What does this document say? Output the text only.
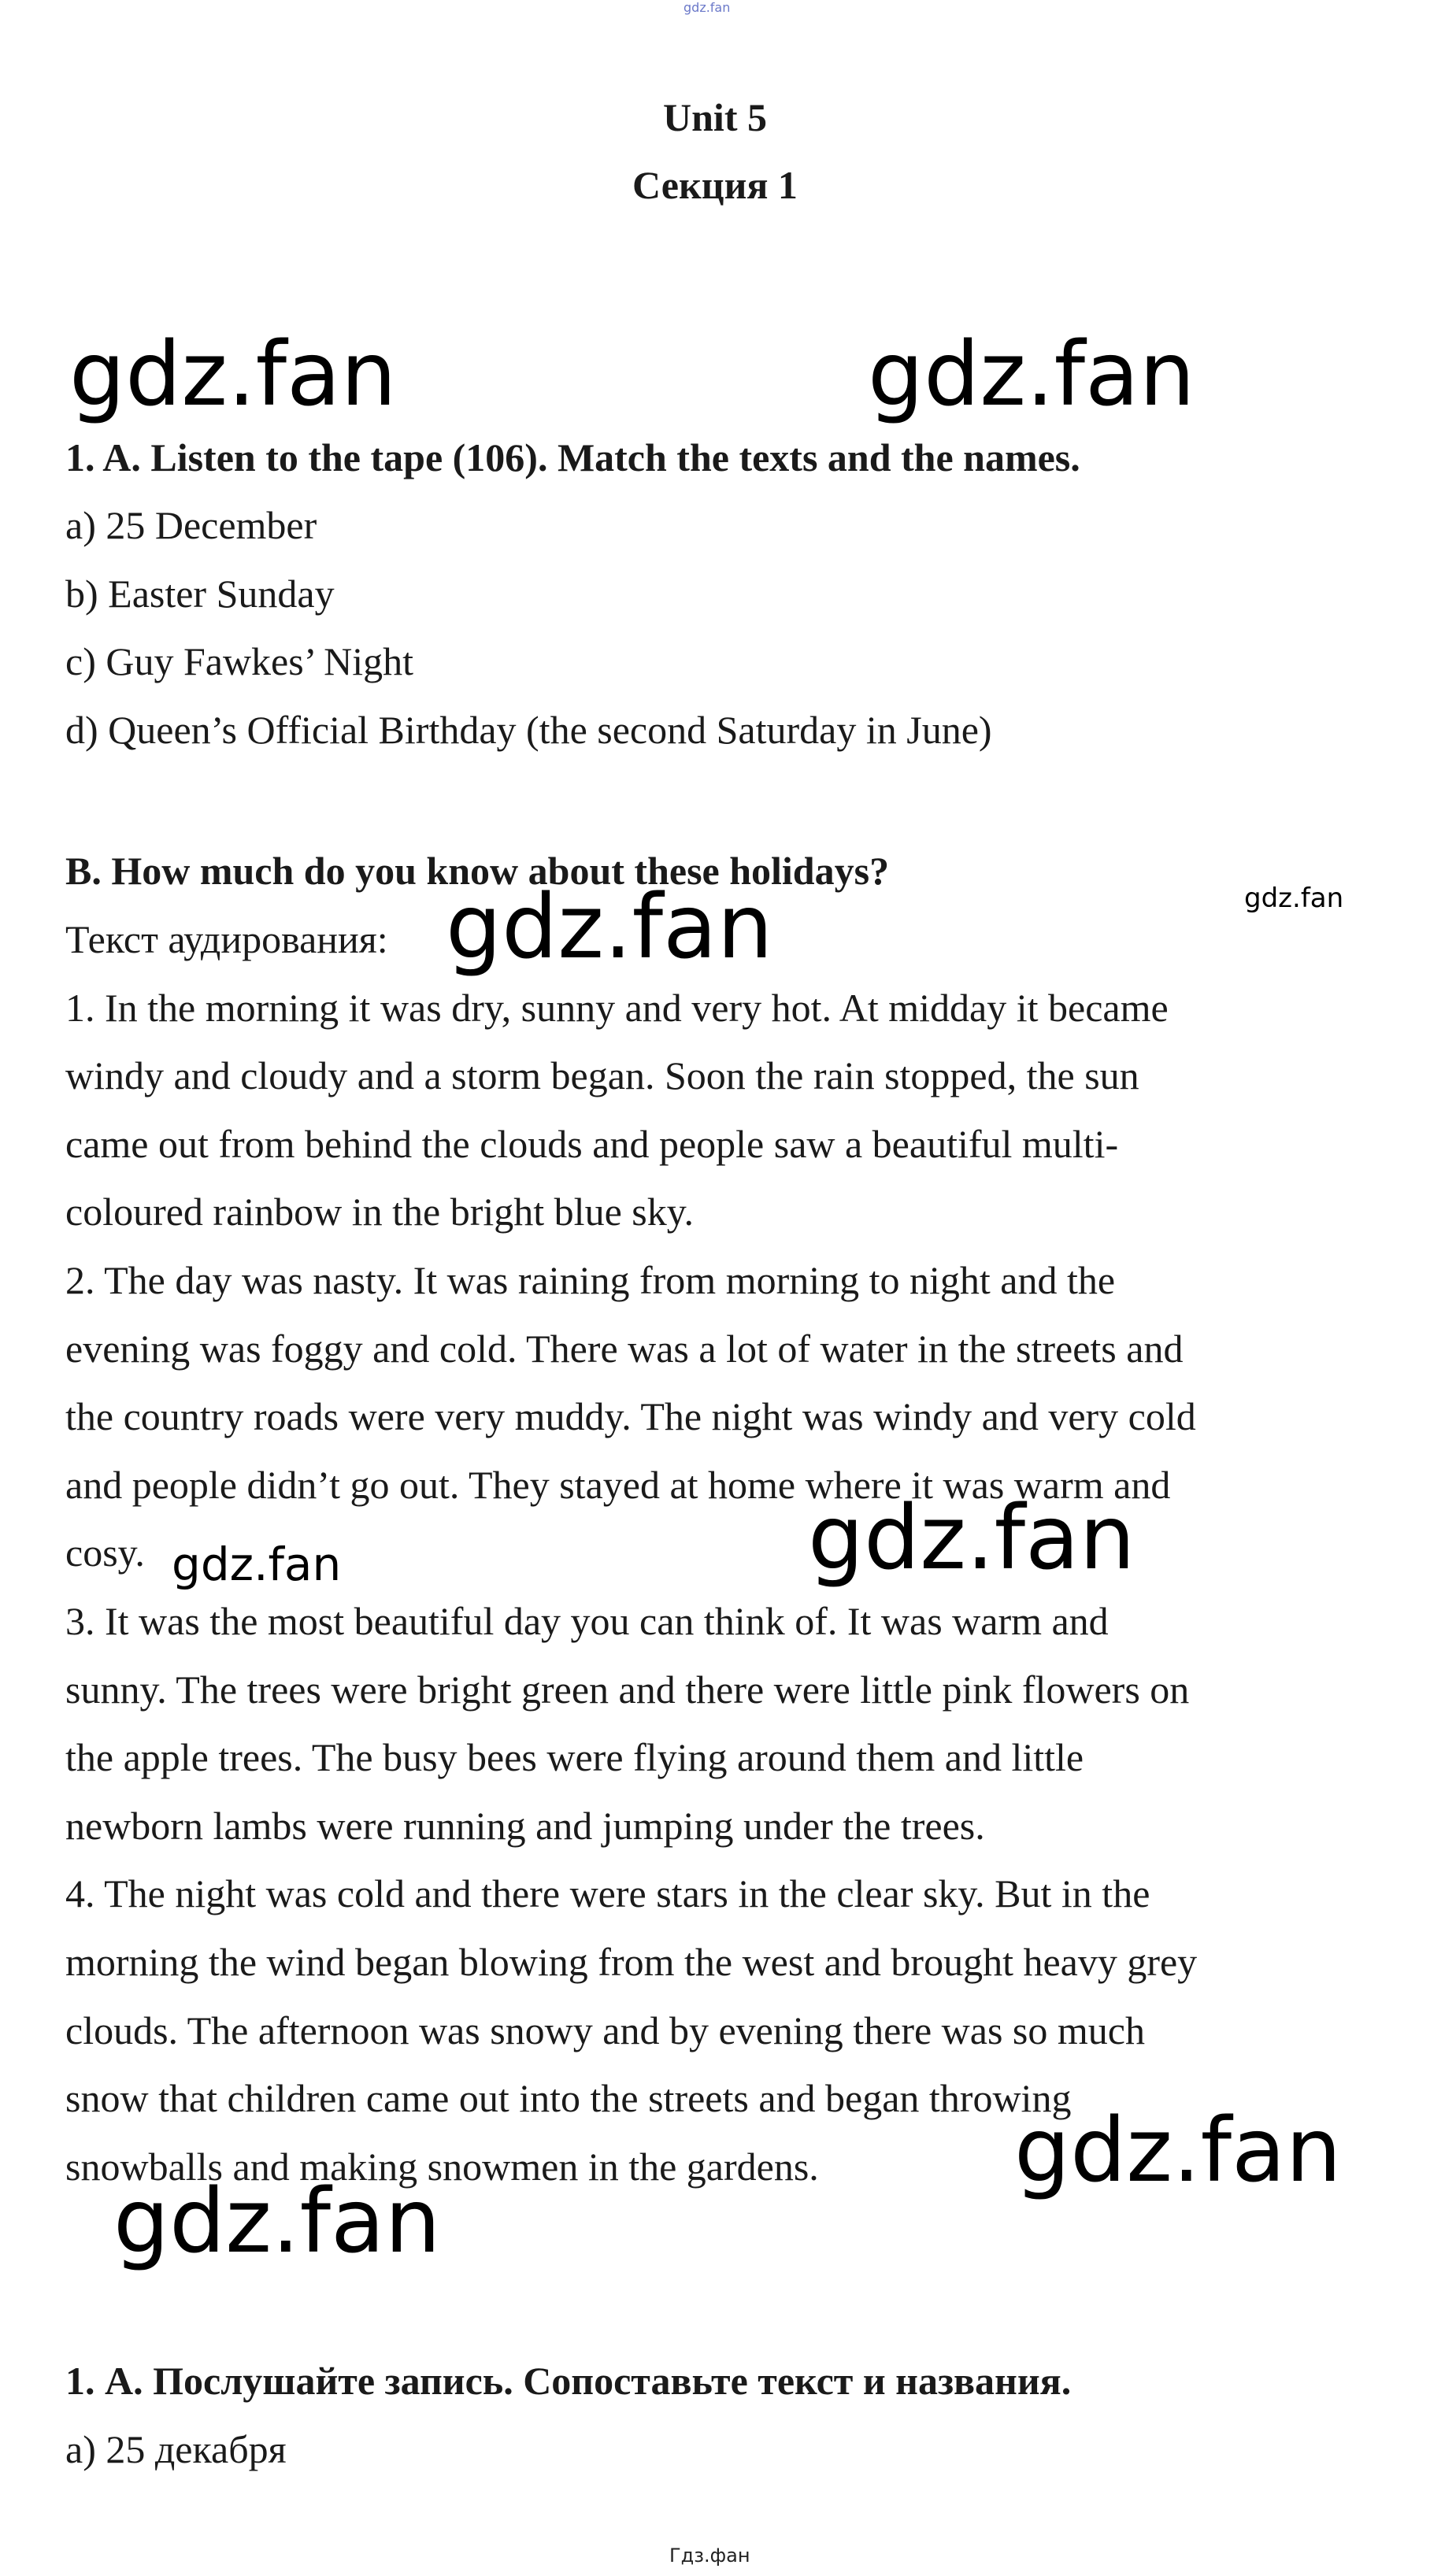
gdz.fan
gdz.fan	gdz.fan
gdz.fan
gdz.fan
gdz.fan
gdz.fan
gdz.fan
gdz.fan
Гдз.фан
Unit 5
Секция 1
1. A. Listen to the tape (106). Match the texts and the names.
a) 25 December
b) Easter Sunday
c) Guy Fawkes’ Night
d) Queen’s Official Birthday (the second Saturday in June)
B. How much do you know about these holidays?
Текст аудирования:
1. In the morning it was dry, sunny and very hot. At midday it became
windy and cloudy and a storm began. Soon the rain stopped, the sun
came out from behind the clouds and people saw a beautiful multi-
coloured rainbow in the bright blue sky.
2. The day was nasty. It was raining from morning to night and the
evening was foggy and cold. There was a lot of water in the streets and
the country roads were very muddy. The night was windy and very cold
and people didn’t go out. They stayed at home where it was warm and
cosy.
3. It was the most beautiful day you can think of. It was warm and
sunny. The trees were bright green and there were little pink flowers on
the apple trees. The busy bees were flying around them and little
newborn lambs were running and jumping under the trees.
4. The night was cold and there were stars in the clear sky. But in the
morning the wind began blowing from the west and brought heavy grey
clouds. The afternoon was snowy and by evening there was so much
snow that children came out into the streets and began throwing
snowballs and making snowmen in the gardens.
1. А. Послушайте запись. Сопоставьте текст и названия.
а) 25 декабря
